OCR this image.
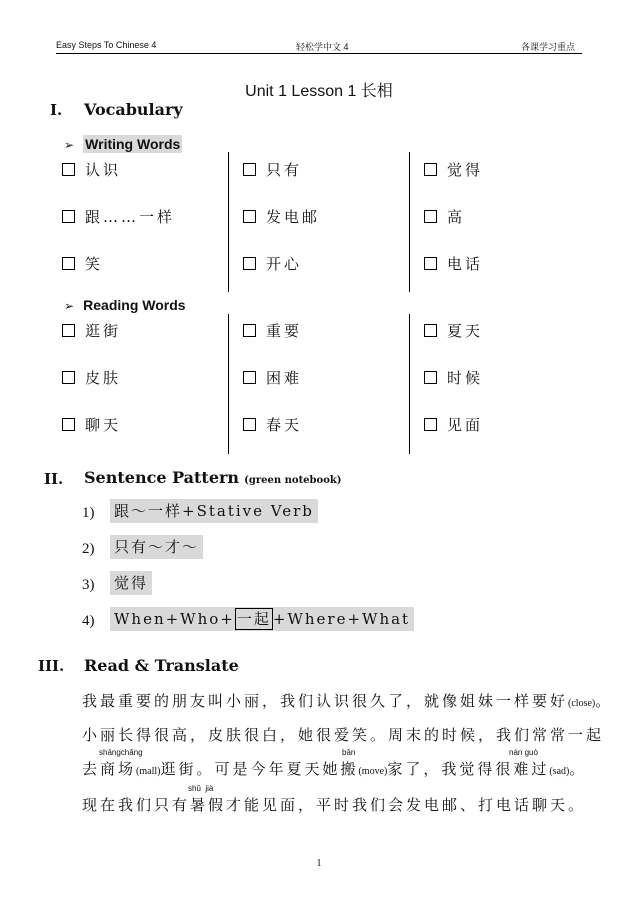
Easy Steps To Chinese 4	轻松学中文 4	各课学习重点
Unit 1 Lesson 1 长相
I. Vocabulary
➢ Writing Words
认识	只有	觉得
跟……一样	发电邮	高
笑	开心	电话
➢ Reading Words
逛街	重要	夏天
皮肤	困难	时候
聊天	春天	见面
II. Sentence Pattern (green notebook)
1) 跟～一样+Stative Verb
2) 只有～才～
3) 觉得
4) When+Who+ 一起 +Where+What
III. Read & Translate
我最重要的朋友叫小丽，我们认识很久了，就像姐妹一样要好(close)。
小丽长得很高，皮肤很白，她很爱笑。周末的时候，我们常常一起
shāngchǎng	bān	nán guò
去商场(mall)逛街。可是今年夏天她搬(move)家了，我觉得很难过(sad)。
shǔ  jià
现在我们只有暑假才能见面，平时我们会发电邮、打电话聊天。
1
